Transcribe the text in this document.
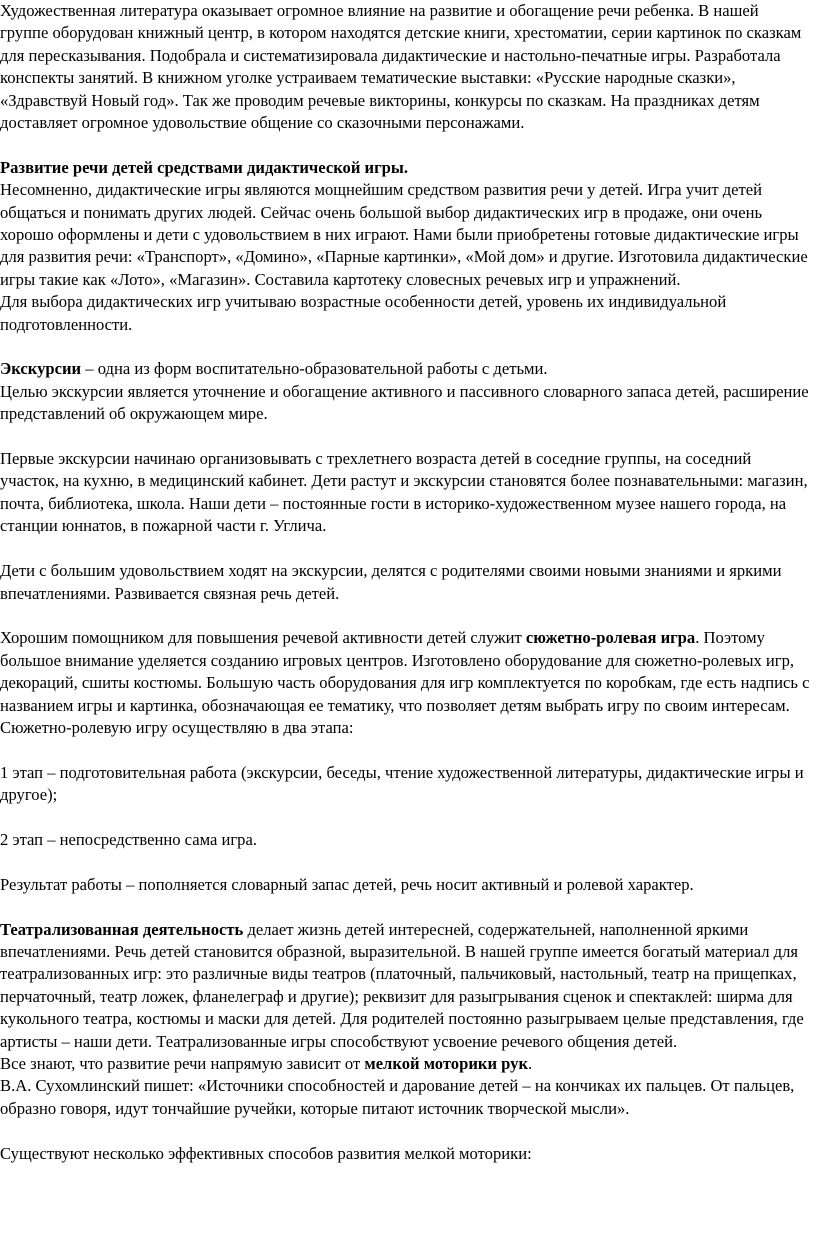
Художественная литература оказывает огромное влияние на развитие и обогащение речи ребенка. В нашей группе оборудован книжный центр, в котором находятся детские книги, хрестоматии, серии картинок по сказкам для пересказывания. Подобрала и систематизировала дидактические и настольно-печатные игры. Разработала конспекты занятий. В книжном уголке устраиваем тематические выставки: «Русские народные сказки», «Здравствуй Новый год». Так же проводим речевые викторины, конкурсы по сказкам. На праздниках детям доставляет огромное удовольствие общение со сказочными персонажами.

Развитие речи детей средствами дидактической игры.

Несомненно, дидактические игры являются мощнейшим средством развития речи у детей. Игра учит детей общаться и понимать других людей. Сейчас очень большой выбор дидактических игр в продаже, они очень хорошо оформлены и дети с удовольствием в них играют. Нами были приобретены готовые дидактические игры для развития речи: «Транспорт», «Домино», «Парные картинки», «Мой дом» и другие. Изготовила дидактические игры такие как «Лото», «Магазин». Составила картотеку словесных речевых игр и упражнений.

Для выбора дидактических игр учитываю возрастные особенности детей, уровень их индивидуальной подготовленности.

Экскурсии – одна из форм воспитательно-образовательной работы с детьми.

Целью экскурсии является уточнение и обогащение активного и пассивного словарного запаса детей, расширение представлений об окружающем мире.

Первые экскурсии начинаю организовывать с трехлетнего возраста детей в соседние группы, на соседний участок, на кухню, в медицинский кабинет. Дети растут и экскурсии становятся более познавательными: магазин, почта, библиотека, школа. Наши дети – постоянные гости в историко-художественном музее нашего города, на станции юннатов, в пожарной части г. Углича.

Дети с большим удовольствием ходят на экскурсии, делятся с родителями своими новыми знаниями и яркими впечатлениями. Развивается связная речь детей.

Хорошим помощником для повышения речевой активности детей служит сюжетно-ролевая игра. Поэтому большое внимание уделяется созданию игровых центров. Изготовлено оборудование для сюжетно-ролевых игр, декораций, сшиты костюмы. Большую часть оборудования для игр комплектуется по коробкам, где есть надпись с названием игры и картинка, обозначающая ее тематику, что позволяет детям выбрать игру по своим интересам.

Сюжетно-ролевую игру осуществляю в два этапа:

1 этап – подготовительная работа (экскурсии, беседы, чтение художественной литературы, дидактические игры и другое);

2 этап – непосредственно сама игра.

Результат работы – пополняется словарный запас детей, речь носит активный и ролевой характер.

Театрализованная деятельность делает жизнь детей интересней, содержательней, наполненной яркими впечатлениями. Речь детей становится образной, выразительной. В нашей группе имеется богатый материал для театрализованных игр: это различные виды театров (платочный, пальчиковый, настольный, театр на прищепках, перчаточный, театр ложек, фланелеграф и другие); реквизит для разыгрывания сценок и спектаклей: ширма для кукольного театра, костюмы и маски для детей. Для родителей постоянно разыгрываем целые представления, где артисты – наши дети. Театрализованные игры способствуют усвоение речевого общения детей.

Все знают, что развитие речи напрямую зависит от мелкой моторики рук.

В.А. Сухомлинский пишет: «Источники способностей и дарование детей – на кончиках их пальцев. От пальцев, образно говоря, идут тончайшие ручейки, которые питают источник творческой мысли».

Существуют несколько эффективных способов развития мелкой моторики:
